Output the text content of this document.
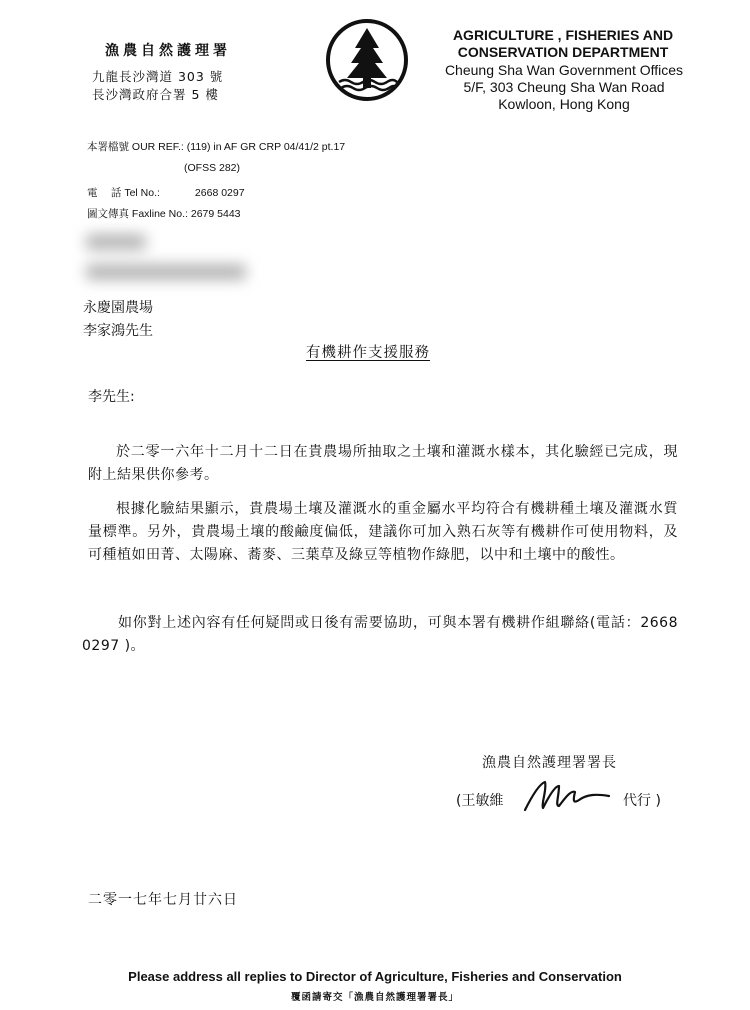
漁農自然護理署
九龍長沙灣道 303 號
長沙灣政府合署 5 樓
AGRICULTURE , FISHERIES AND
CONSERVATION DEPARTMENT
Cheung Sha Wan Government Offices
5/F, 303 Cheung Sha Wan Road
Kowloon, Hong Kong
本署檔號 OUR REF.: (119) in AF GR CRP 04/41/2 pt.17
(OFSS 282)
電　 話 Tel No.:	2668 0297
圖文傳真 Faxline No.: 2679 5443
永慶園農場
李家鴻先生
有機耕作支援服務
李先生:
於二零一六年十二月十二日在貴農場所抽取之土壤和灌溉水樣本，其化驗經已完成，現附上結果供你參考。
根據化驗結果顯示，貴農場土壤及灌溉水的重金屬水平均符合有機耕種土壤及灌溉水質量標準。另外，貴農場土壤的酸鹼度偏低，建議你可加入熟石灰等有機耕作可使用物料，及可種植如田菁、太陽麻、蕎麥、三葉草及綠豆等植物作綠肥，以中和土壤中的酸性。
如你對上述內容有任何疑問或日後有需要協助，可與本署有機耕作組聯絡(電話：2668 0297 )。
漁農自然護理署署長
(王敏維	代行 )
二零一七年七月廿六日
Please address all replies to Director of Agriculture, Fisheries and Conservation
覆函請寄交「漁農自然護理署署長」
